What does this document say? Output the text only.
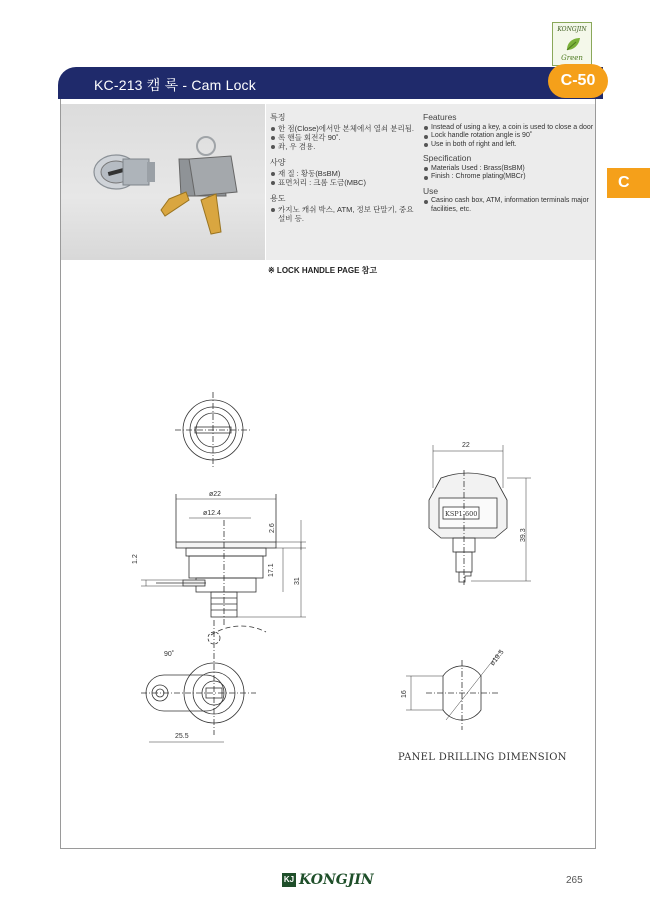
KONGJIN
Green
KC-213 캠 록 - Cam Lock	C-50
C
특징
한 점(Close)에서만 본체에서 열쇠 분리됨.
록 핸들 회전각 90˚.
좌, 우 겸용.
사양
재 질 : 황동(BsBM)
표면처리 : 크롬 도금(MBC)
용도
카지노 캐쉬 박스, ATM, 정보 단말기, 중요 설비 등.
Features
Instead of using a key, a coin is used to close a door
Lock handle rotation angle is 90˚
Use in both of right and left.
Specification
Materials Used : Brass(BsBM)
Finish : Chrome plating(MBCr)
Use
Casino cash box, ATM, information terminals major facilities, etc.
※ LOCK HANDLE PAGE 참고
ø22
ø12.4
2.6
17.1
31
1.2
90˚
25.5
22
KSP1-600
39.3
ø19.5
16
PANEL DRILLING DIMENSION
KJ KONGJIN	265
